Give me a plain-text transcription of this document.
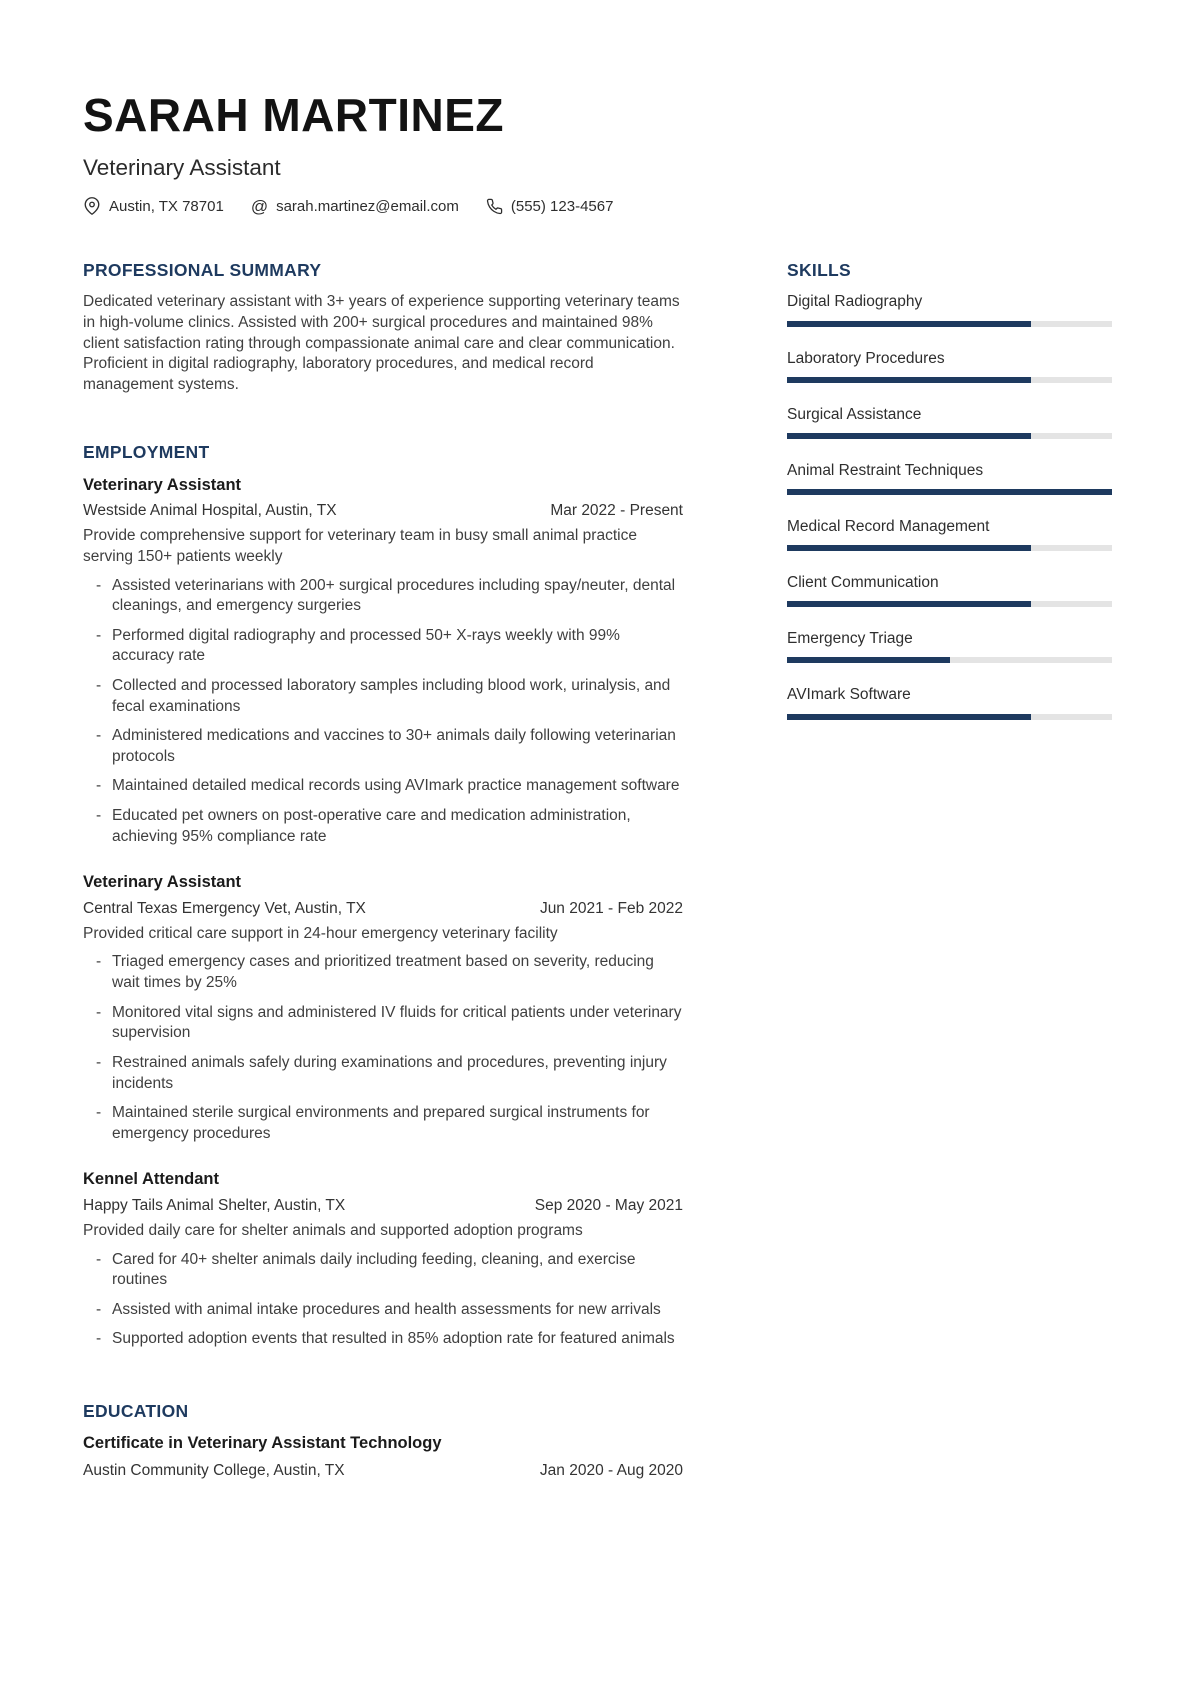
SARAH MARTINEZ
Veterinary Assistant
Austin, TX 78701 @ sarah.martinez@email.com	(555) 123-4567
PROFESSIONAL SUMMARY

Dedicated veterinary assistant with 3+ years of experience supporting veterinary teams in high-volume clinics. Assisted with 200+ surgical procedures and maintained 98% client satisfaction rating through compassionate animal care and clear communication. Proficient in digital radiography, laboratory procedures, and medical record management systems.

EMPLOYMENT
Veterinary Assistant
Westside Animal Hospital, Austin, TX	Mar 2022 - Present

Provide comprehensive support for veterinary team in busy small animal practice serving 150+ patients weekly

- Assisted veterinarians with 200+ surgical procedures including spay/neuter, dental cleanings, and emergency surgeries
- Performed digital radiography and processed 50+ X-rays weekly with 99% accuracy rate
- Collected and processed laboratory samples including blood work, urinalysis, and fecal examinations
- Administered medications and vaccines to 30+ animals daily following veterinarian protocols
- Maintained detailed medical records using AVImark practice management software
- Educated pet owners on post-operative care and medication administration, achieving 95% compliance rate
Veterinary Assistant
Central Texas Emergency Vet, Austin, TX	Jun 2021 - Feb 2022

Provided critical care support in 24-hour emergency veterinary facility

- Triaged emergency cases and prioritized treatment based on severity, reducing wait times by 25%
- Monitored vital signs and administered IV fluids for critical patients under veterinary supervision
- Restrained animals safely during examinations and procedures, preventing injury incidents
- Maintained sterile surgical environments and prepared surgical instruments for emergency procedures
Kennel Attendant
Happy Tails Animal Shelter, Austin, TX	Sep 2020 - May 2021

Provided daily care for shelter animals and supported adoption programs

- Cared for 40+ shelter animals daily including feeding, cleaning, and exercise routines
- Assisted with animal intake procedures and health assessments for new arrivals
- Supported adoption events that resulted in 85% adoption rate for featured animals
EDUCATION
Certificate in Veterinary Assistant Technology
Austin Community College, Austin, TX	Jan 2020 - Aug 2020
SKILLS
Digital Radiography
Laboratory Procedures
Surgical Assistance
Animal Restraint Techniques
Medical Record Management
Client Communication
Emergency Triage
AVImark Software
